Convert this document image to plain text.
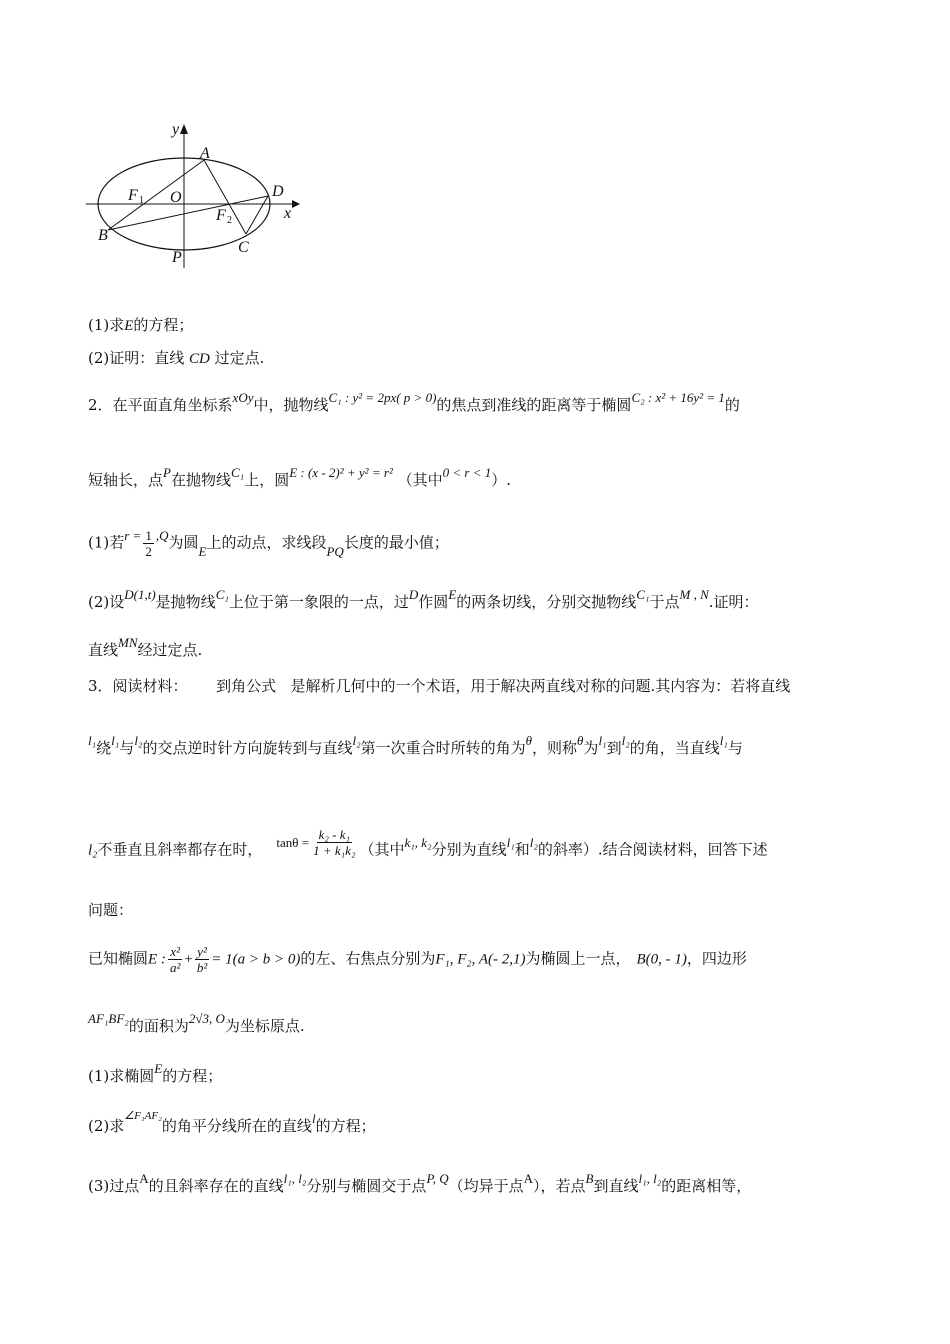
y
x
A
F 1 O	D
F 2
B
C
P
(1)求E的方程；
(2)证明：直线 CD 过定点.
2．在平面直角坐标系xOy中，抛物线C₁ : y² = 2px( p > 0)的焦点到准线的距离等于椭圆C₂ : x² + 16y² = 1的
短轴长，点P在抛物线C₁上，圆E : (x - 2)² + y² = r² （其中0 < r < 1）.
(1)若$r = \frac{1}{2} ,Q$为圆E上的动点，求线段PQ长度的最小值；
(2)设D(1,t)是抛物线C₁上位于第一象限的一点，过D作圆E的两条切线，分别交抛物线C₁于点M , N.证明：
直线MN经过定点.
3．阅读材料：      到角公式   是解析几何中的一个术语，用于解决两直线对称的问题.其内容为：若将直线
l₁绕l₁与l₂的交点逆时针方向旋转到与直线l₂第一次重合时所转的角为θ，则称θ为l₁到l₂的角，当直线l₁与
l₂不垂直且斜率都存在时， $\tan\theta = \frac{\text{k₂ - k₁}}{\text{1 + k₁k₂}}$ （其中k₁, k₂分别为直线l₁和l₂的斜率）.结合阅读材料，回答下述
问题：
已知椭圆E : $\frac{\text{x²}}{\text{a²}} + \frac{\text{y²}}{\text{b²}} = 1(a > b > 0)$的左、右焦点分别为F₁, F₂, A(- 2,1)为椭圆上一点， B(0, - 1)，四边形
AF₁BF₂的面积为2√3, O为坐标原点.
(1)求椭圆E的方程；
(2)求$^{\angle F_1AF_2}$的角平分线所在的直线l的方程；
(3)过点A的且斜率存在的直线l₁, l₂分别与椭圆交于点P, Q（均异于点A），若点B到直线l₁, l₂的距离相等，
